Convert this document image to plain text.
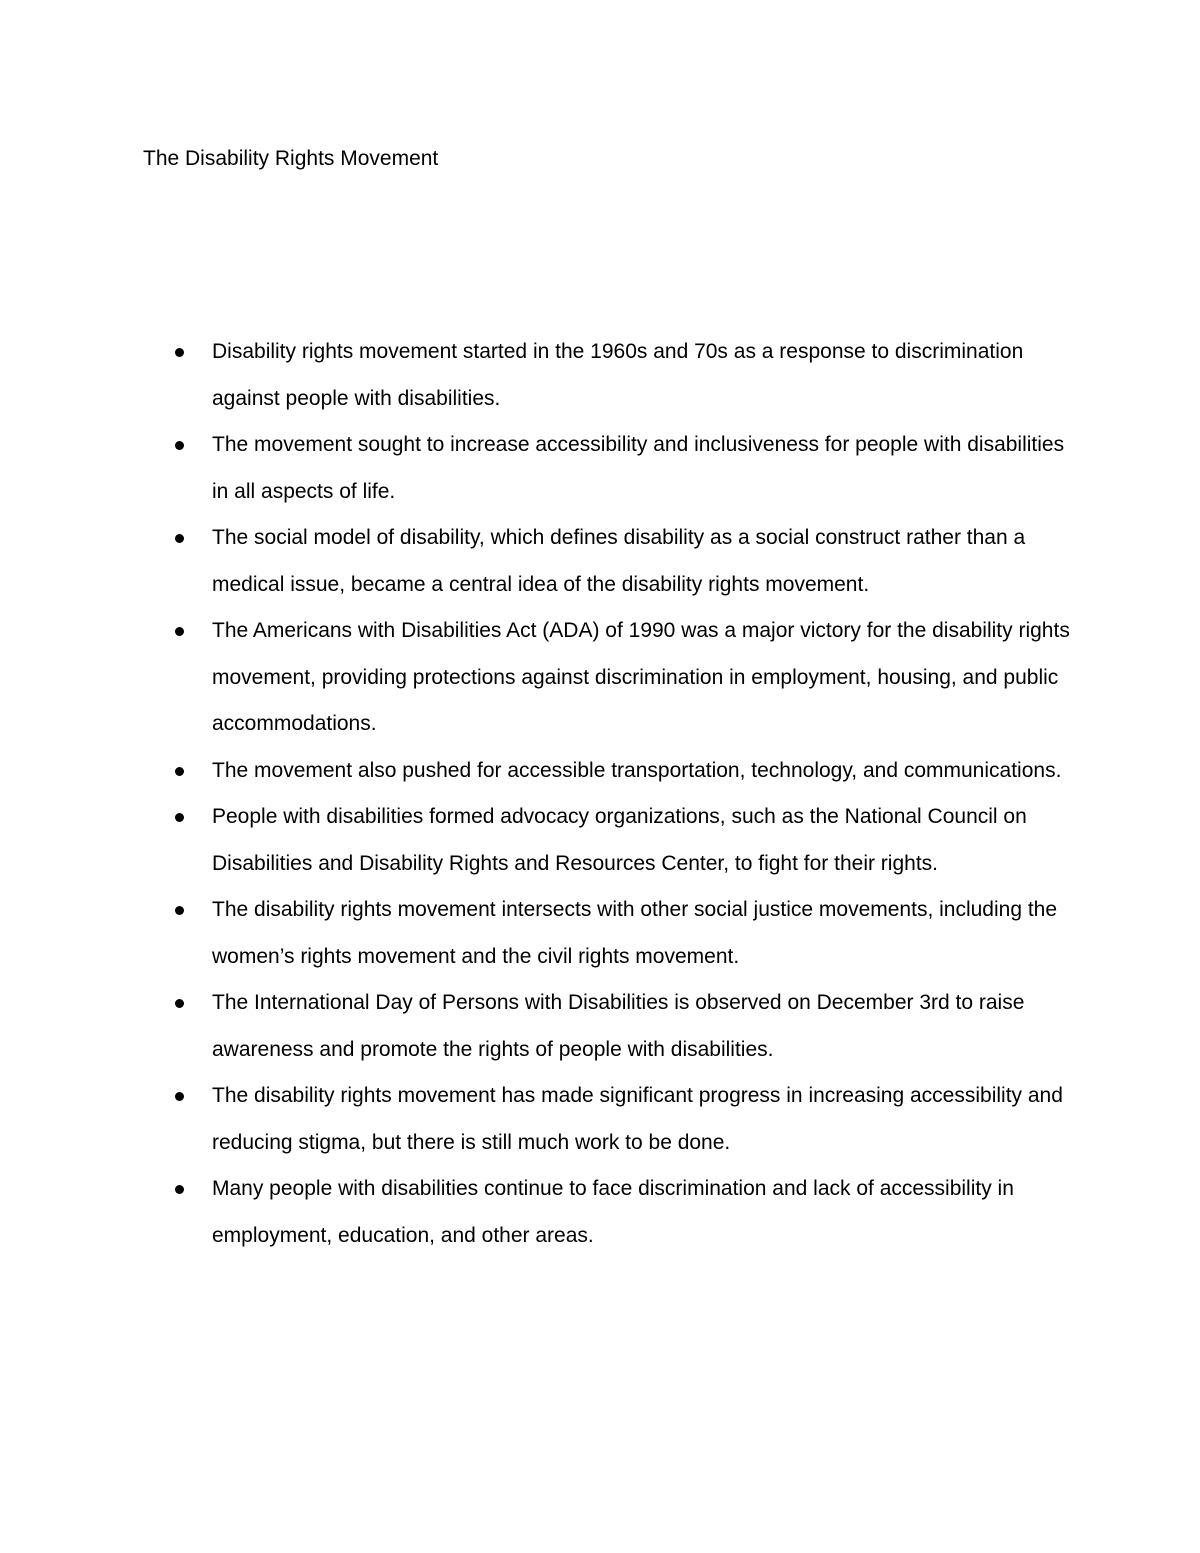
The Disability Rights Movement
Disability rights movement started in the 1960s and 70s as a response to discrimination against people with disabilities.
The movement sought to increase accessibility and inclusiveness for people with disabilities in all aspects of life.
The social model of disability, which defines disability as a social construct rather than a medical issue, became a central idea of the disability rights movement.
The Americans with Disabilities Act (ADA) of 1990 was a major victory for the disability rights movement, providing protections against discrimination in employment, housing, and public accommodations.
The movement also pushed for accessible transportation, technology, and communications.
People with disabilities formed advocacy organizations, such as the National Council on Disabilities and Disability Rights and Resources Center, to fight for their rights.
The disability rights movement intersects with other social justice movements, including the women’s rights movement and the civil rights movement.
The International Day of Persons with Disabilities is observed on December 3rd to raise awareness and promote the rights of people with disabilities.
The disability rights movement has made significant progress in increasing accessibility and reducing stigma, but there is still much work to be done.
Many people with disabilities continue to face discrimination and lack of accessibility in employment, education, and other areas.
